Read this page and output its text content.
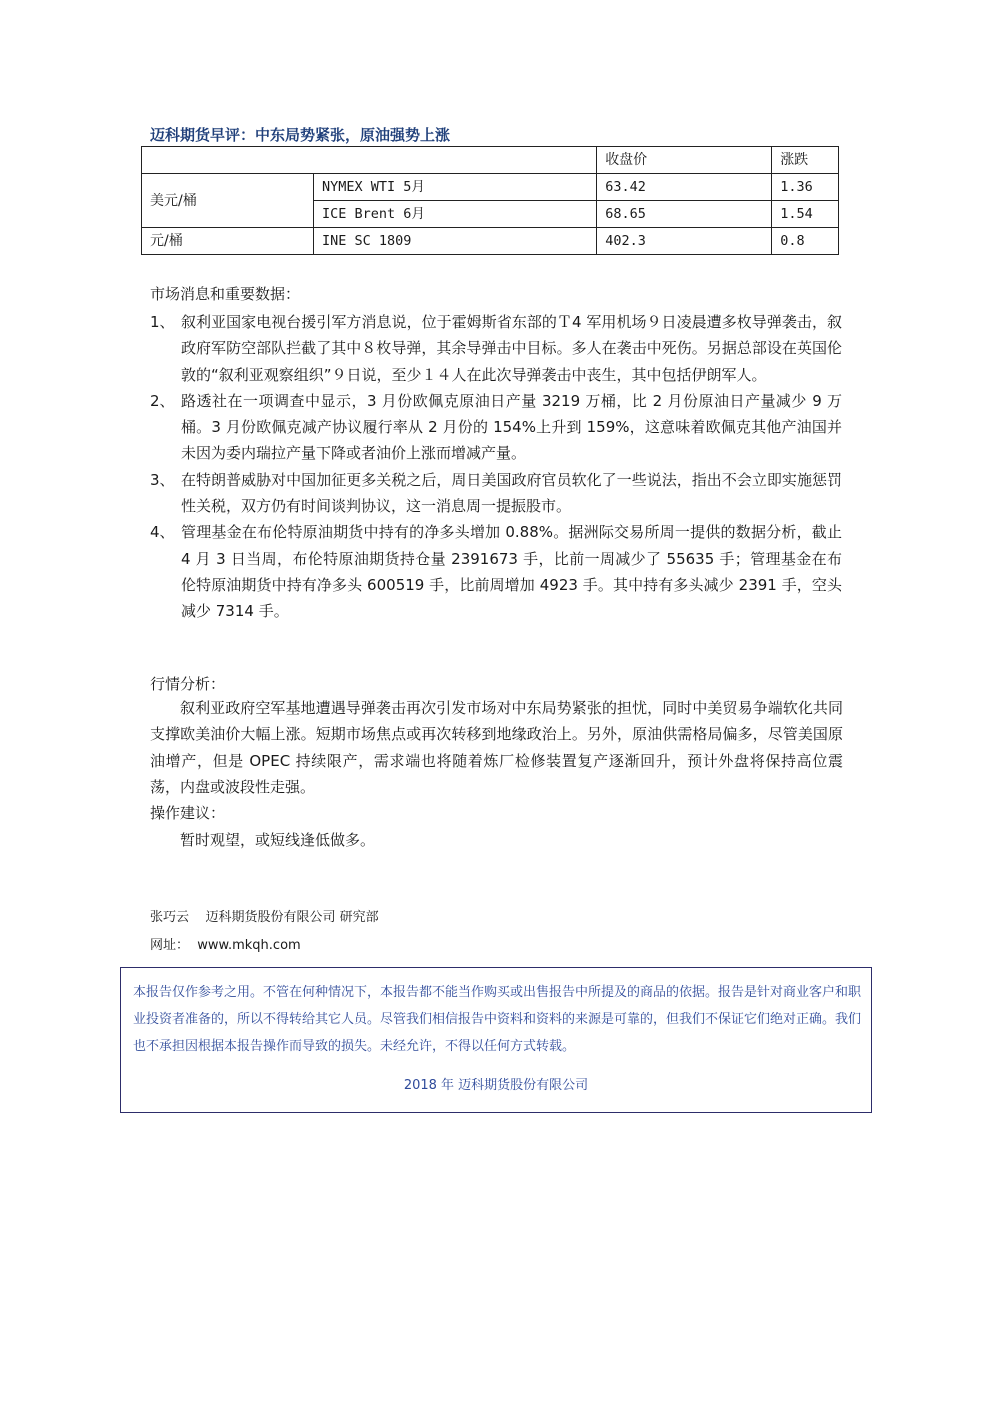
迈科期货早评：中东局势紧张，原油强势上涨
		收盘价	涨跌
美元/桶	NYMEX WTI 5月	63.42	1.36
	ICE Brent 6月	68.65	1.54
元/桶	INE SC 1809	402.3	0.8
市场消息和重要数据：
1、 叙利亚国家电视台援引军方消息说，位于霍姆斯省东部的Ｔ4 军用机场９日凌晨遭多枚导弹袭击，叙政府军防空部队拦截了其中８枚导弹，其余导弹击中目标。多人在袭击中死伤。另据总部设在英国伦敦的“叙利亚观察组织”９日说，至少１４人在此次导弹袭击中丧生，其中包括伊朗军人。
2、 路透社在一项调查中显示，3 月份欧佩克原油日产量 3219 万桶，比 2 月份原油日产量减少 9 万桶。3 月份欧佩克减产协议履行率从 2 月份的 154%上升到 159%，这意味着欧佩克其他产油国并未因为委内瑞拉产量下降或者油价上涨而增减产量。
3、 在特朗普威胁对中国加征更多关税之后，周日美国政府官员软化了一些说法，指出不会立即实施惩罚性关税，双方仍有时间谈判协议，这一消息周一提振股市。
4、 管理基金在布伦特原油期货中持有的净多头增加 0.88%。据洲际交易所周一提供的数据分析，截止 4 月 3 日当周，布伦特原油期货持仓量 2391673 手，比前一周减少了 55635 手；管理基金在布伦特原油期货中持有净多头 600519 手，比前周增加 4923 手。其中持有多头减少 2391 手，空头减少 7314 手。
行情分析：
叙利亚政府空军基地遭遇导弹袭击再次引发市场对中东局势紧张的担忧，同时中美贸易争端软化共同支撑欧美油价大幅上涨。短期市场焦点或再次转移到地缘政治上。另外，原油供需格局偏多，尽管美国原油增产，但是 OPEC 持续限产，需求端也将随着炼厂检修装置复产逐渐回升，预计外盘将保持高位震荡，内盘或波段性走强。
操作建议：
暂时观望，或短线逢低做多。
张巧云    迈科期货股份有限公司 研究部
网址：  www.mkqh.com
本报告仅作参考之用。不管在何种情况下，本报告都不能当作购买或出售报告中所提及的商品的依据。报告是针对商业客户和职业投资者准备的，所以不得转给其它人员。尽管我们相信报告中资料和资料的来源是可靠的，但我们不保证它们绝对正确。我们也不承担因根据本报告操作而导致的损失。未经允许，不得以任何方式转载。
2018 年 迈科期货股份有限公司
